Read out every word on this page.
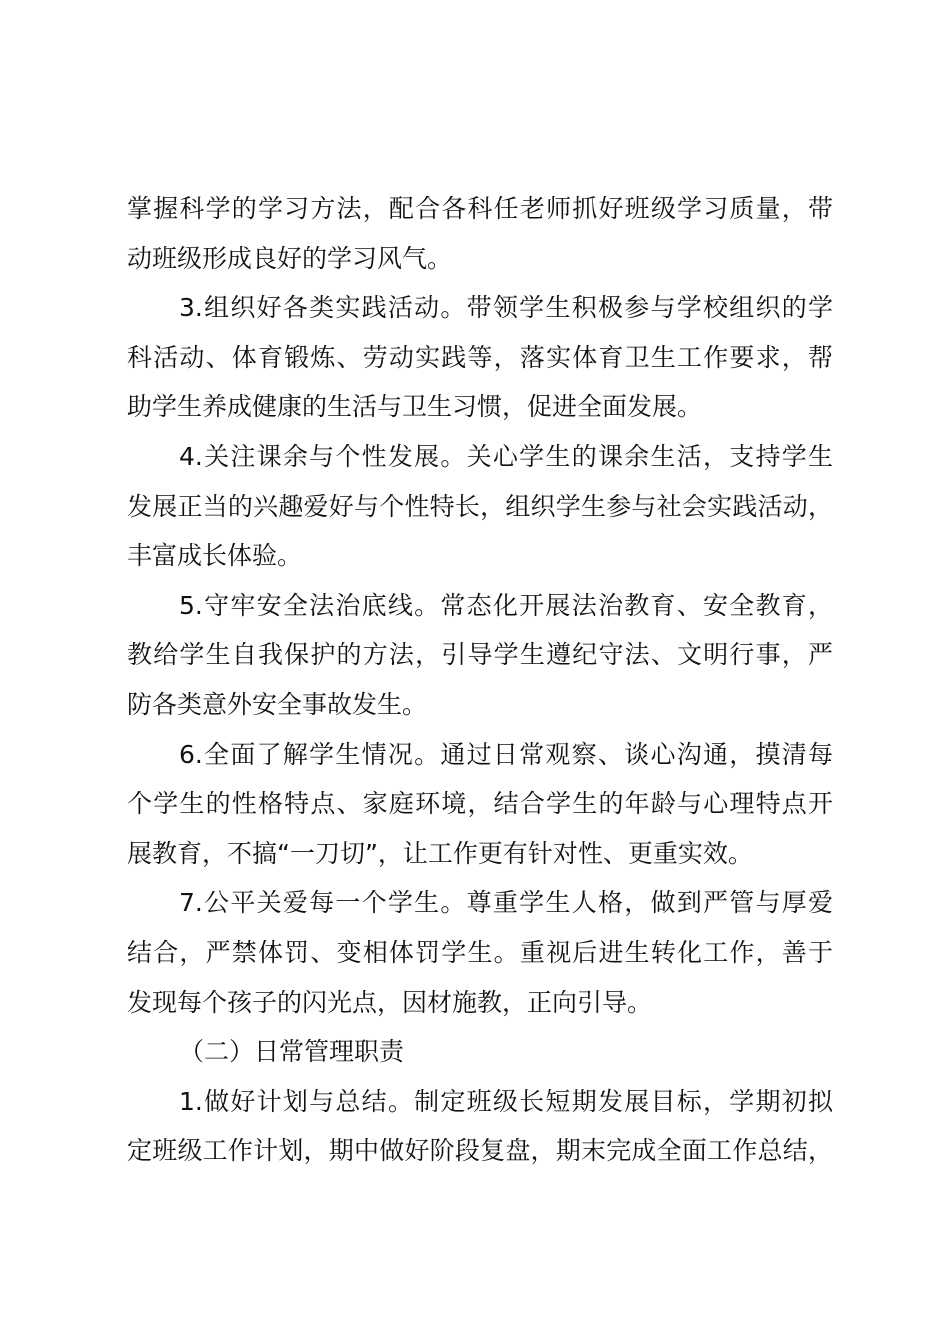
掌握科学的学习方法，配合各科任老师抓好班级学习质量，带
动班级形成良好的学习风气。
3.组织好各类实践活动。带领学生积极参与学校组织的学
科活动、体育锻炼、劳动实践等，落实体育卫生工作要求，帮
助学生养成健康的生活与卫生习惯，促进全面发展。
4.关注课余与个性发展。关心学生的课余生活，支持学生
发展正当的兴趣爱好与个性特长，组织学生参与社会实践活动，
丰富成长体验。
5.守牢安全法治底线。常态化开展法治教育、安全教育，
教给学生自我保护的方法，引导学生遵纪守法、文明行事，严
防各类意外安全事故发生。
6.全面了解学生情况。通过日常观察、谈心沟通，摸清每
个学生的性格特点、家庭环境，结合学生的年龄与心理特点开
展教育，不搞“一刀切”，让工作更有针对性、更重实效。
7.公平关爱每一个学生。尊重学生人格，做到严管与厚爱
结合，严禁体罚、变相体罚学生。重视后进生转化工作，善于
发现每个孩子的闪光点，因材施教，正向引导。
（二）日常管理职责
1.做好计划与总结。制定班级长短期发展目标，学期初拟
定班级工作计划，期中做好阶段复盘，期末完成全面工作总结，
